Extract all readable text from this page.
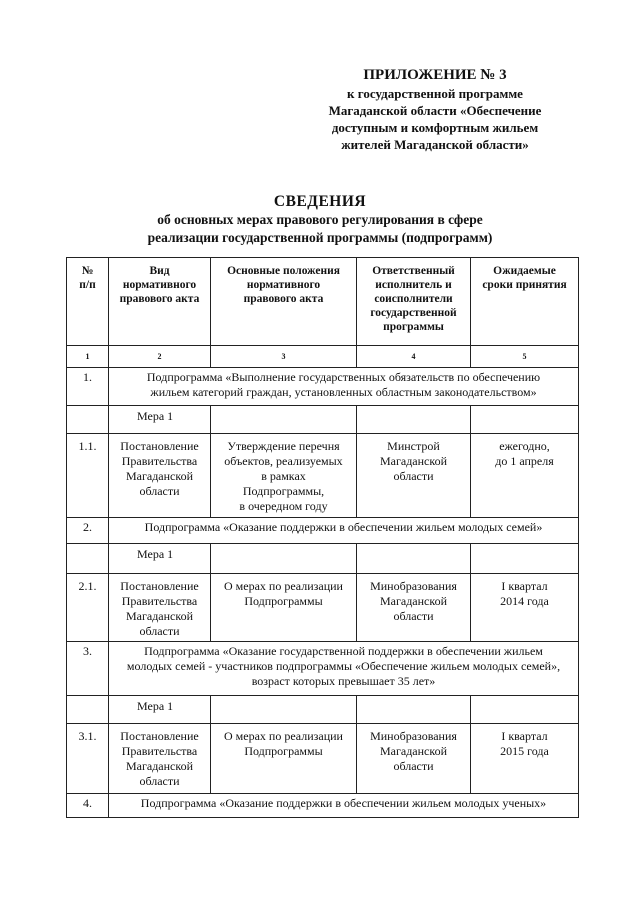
ПРИЛОЖЕНИЕ № 3
к государственной программе
Магаданской области «Обеспечение
доступным и комфортным жильем
жителей Магаданской области»
СВЕДЕНИЯ
об основных мерах правового регулирования в сфере
реализации государственной программы (подпрограмм)
№
п/п	Вид
нормативного
правового акта	Основные положения
нормативного
правового акта	Ответственный
исполнитель и
соисполнители
государственной
программы	Ожидаемые
сроки принятия
1	2	3	4	5
1.	Подпрограмма «Выполнение государственных обязательств по обеспечению
жильем категорий граждан, установленных областным законодательством»			
	Мера 1			
1.1.	Постановление
Правительства
Магаданской
области	Утверждение перечня
объектов, реализуемых
в рамках
Подпрограммы,
в очередном году	Минстрой
Магаданской
области	ежегодно,
до 1 апреля
2.	Подпрограмма «Оказание поддержки в обеспечении жильем молодых семей»			
	Мера 1			
2.1.	Постановление
Правительства
Магаданской
области	О мерах по реализации
Подпрограммы	Минобразования
Магаданской
области	I квартал
2014 года
3.	Подпрограмма «Оказание государственной поддержки в обеспечении жильем
молодых семей - участников подпрограммы «Обеспечение жильем молодых семей»,
возраст которых превышает 35 лет»			
	Мера 1			
3.1.	Постановление
Правительства
Магаданской
области	О мерах по реализации
Подпрограммы	Минобразования
Магаданской
области	I квартал
2015 года
4.	Подпрограмма «Оказание поддержки в обеспечении жильем молодых ученых»			
